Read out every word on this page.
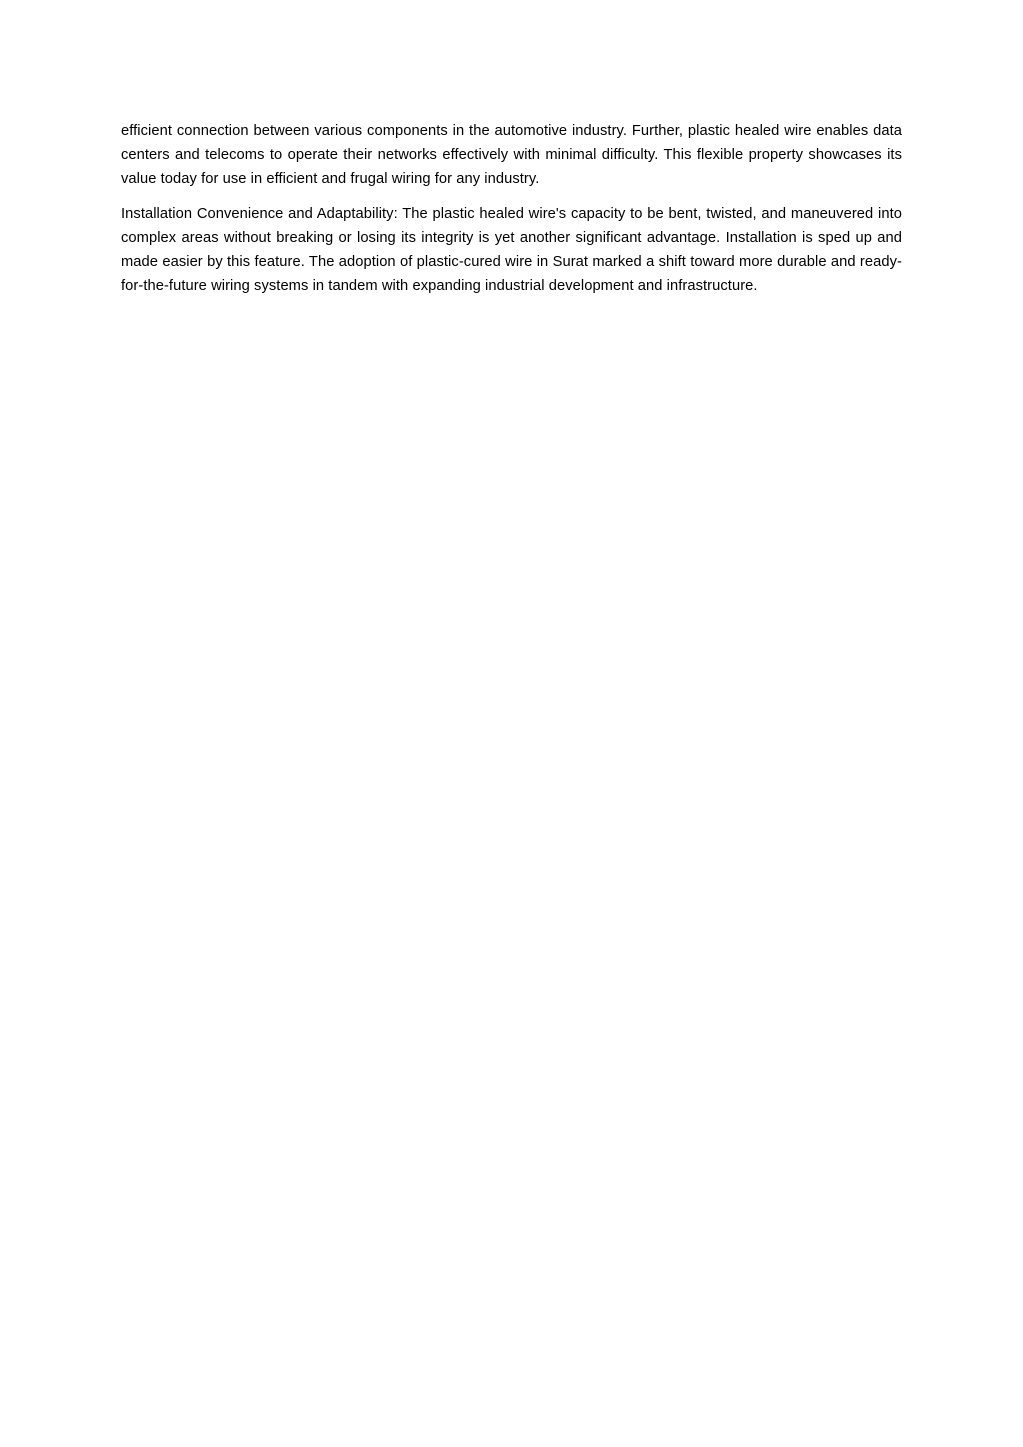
efficient connection between various components in the automotive industry. Further, plastic healed wire enables data centers and telecoms to operate their networks effectively with minimal difficulty. This flexible property showcases its value today for use in efficient and frugal wiring for any industry.

Installation Convenience and Adaptability: The plastic healed wire's capacity to be bent, twisted, and maneuvered into complex areas without breaking or losing its integrity is yet another significant advantage. Installation is sped up and made easier by this feature. The adoption of plastic-cured wire in Surat marked a shift toward more durable and ready-for-the-future wiring systems in tandem with expanding industrial development and infrastructure.
